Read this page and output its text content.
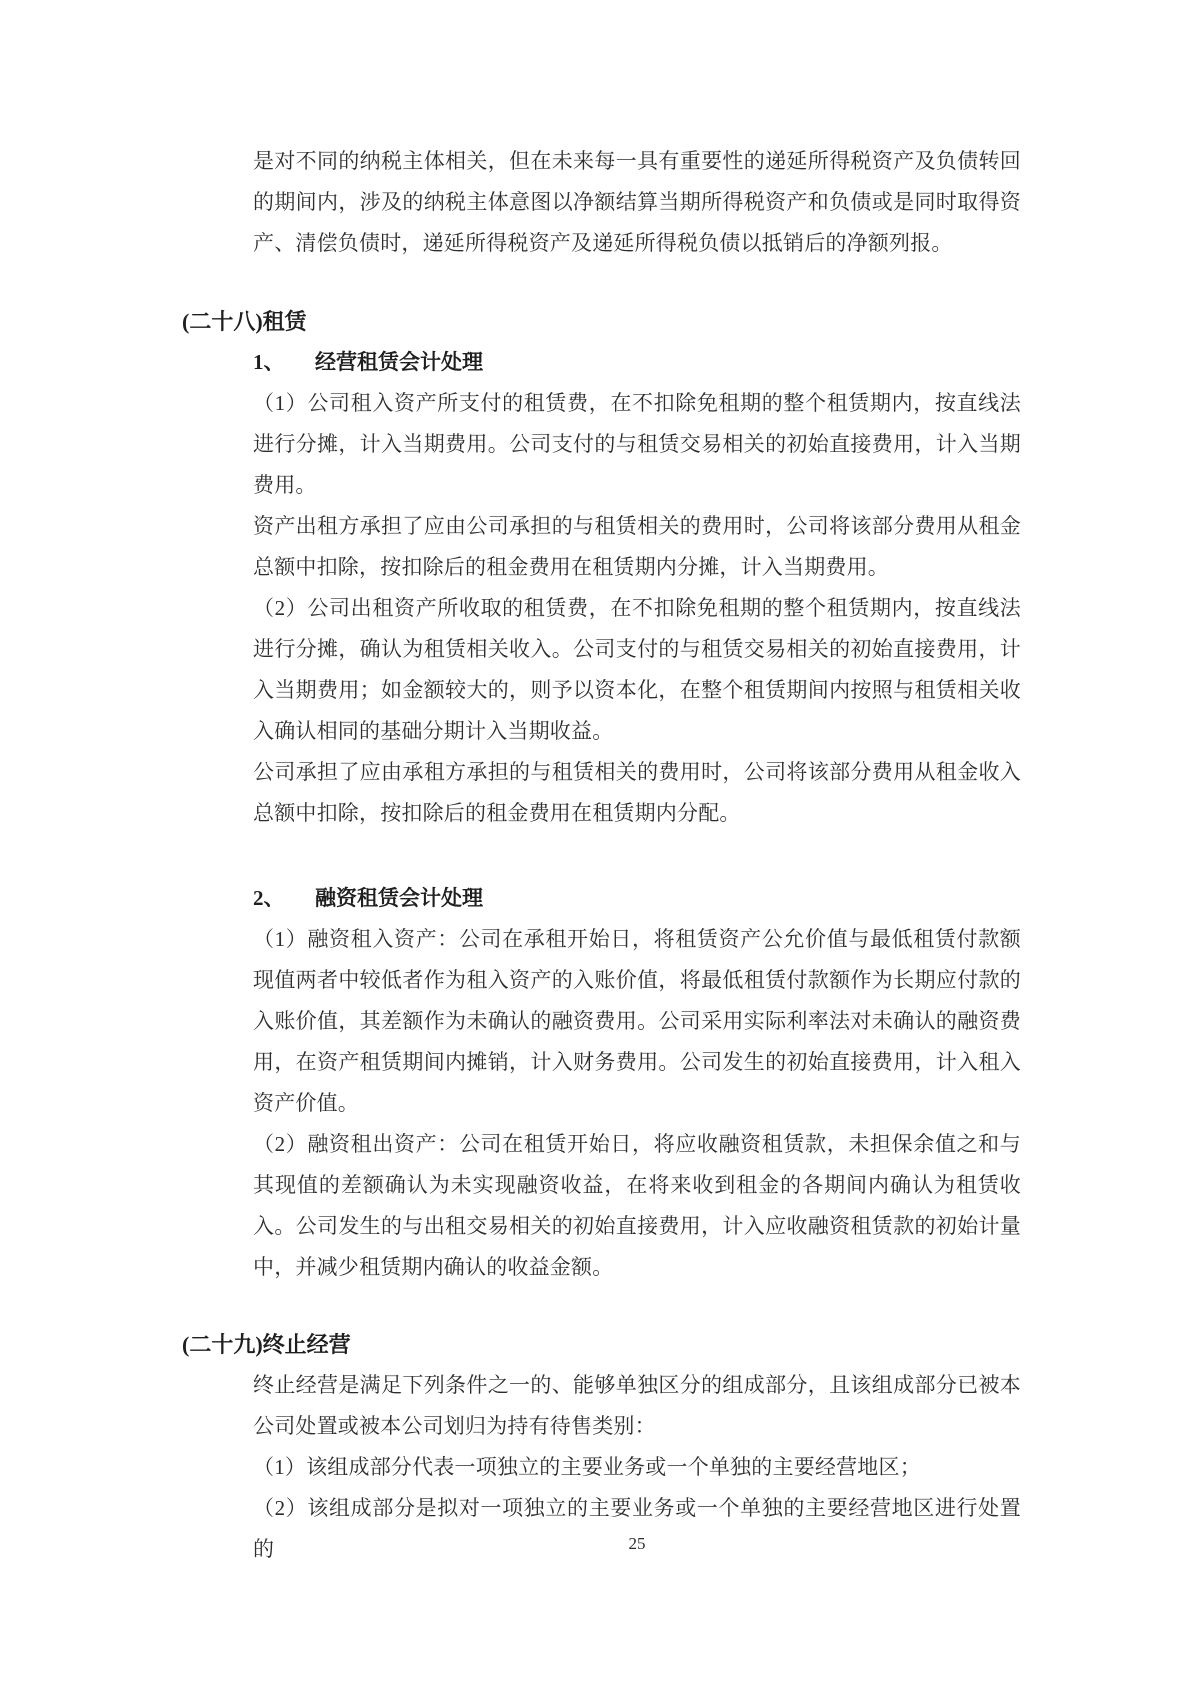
是对不同的纳税主体相关，但在未来每一具有重要性的递延所得税资产及负债转回的期间内，涉及的纳税主体意图以净额结算当期所得税资产和负债或是同时取得资产、清偿负债时，递延所得税资产及递延所得税负债以抵销后的净额列报。

(二十八)租赁
1、	经营租赁会计处理

（1）公司租入资产所支付的租赁费，在不扣除免租期的整个租赁期内，按直线法进行分摊，计入当期费用。公司支付的与租赁交易相关的初始直接费用，计入当期费用。

资产出租方承担了应由公司承担的与租赁相关的费用时，公司将该部分费用从租金总额中扣除，按扣除后的租金费用在租赁期内分摊，计入当期费用。

（2）公司出租资产所收取的租赁费，在不扣除免租期的整个租赁期内，按直线法进行分摊，确认为租赁相关收入。公司支付的与租赁交易相关的初始直接费用，计入当期费用；如金额较大的，则予以资本化，在整个租赁期间内按照与租赁相关收入确认相同的基础分期计入当期收益。

公司承担了应由承租方承担的与租赁相关的费用时，公司将该部分费用从租金收入总额中扣除，按扣除后的租金费用在租赁期内分配。

2、	融资租赁会计处理

（1）融资租入资产：公司在承租开始日，将租赁资产公允价值与最低租赁付款额现值两者中较低者作为租入资产的入账价值，将最低租赁付款额作为长期应付款的入账价值，其差额作为未确认的融资费用。公司采用实际利率法对未确认的融资费用，在资产租赁期间内摊销，计入财务费用。公司发生的初始直接费用，计入租入资产价值。

（2）融资租出资产：公司在租赁开始日，将应收融资租赁款，未担保余值之和与其现值的差额确认为未实现融资收益，在将来收到租金的各期间内确认为租赁收入。公司发生的与出租交易相关的初始直接费用，计入应收融资租赁款的初始计量中，并减少租赁期内确认的收益金额。

(二十九)终止经营

终止经营是满足下列条件之一的、能够单独区分的组成部分，且该组成部分已被本公司处置或被本公司划归为持有待售类别：

（1）该组成部分代表一项独立的主要业务或一个单独的主要经营地区；

（2）该组成部分是拟对一项独立的主要业务或一个单独的主要经营地区进行处置的	25
